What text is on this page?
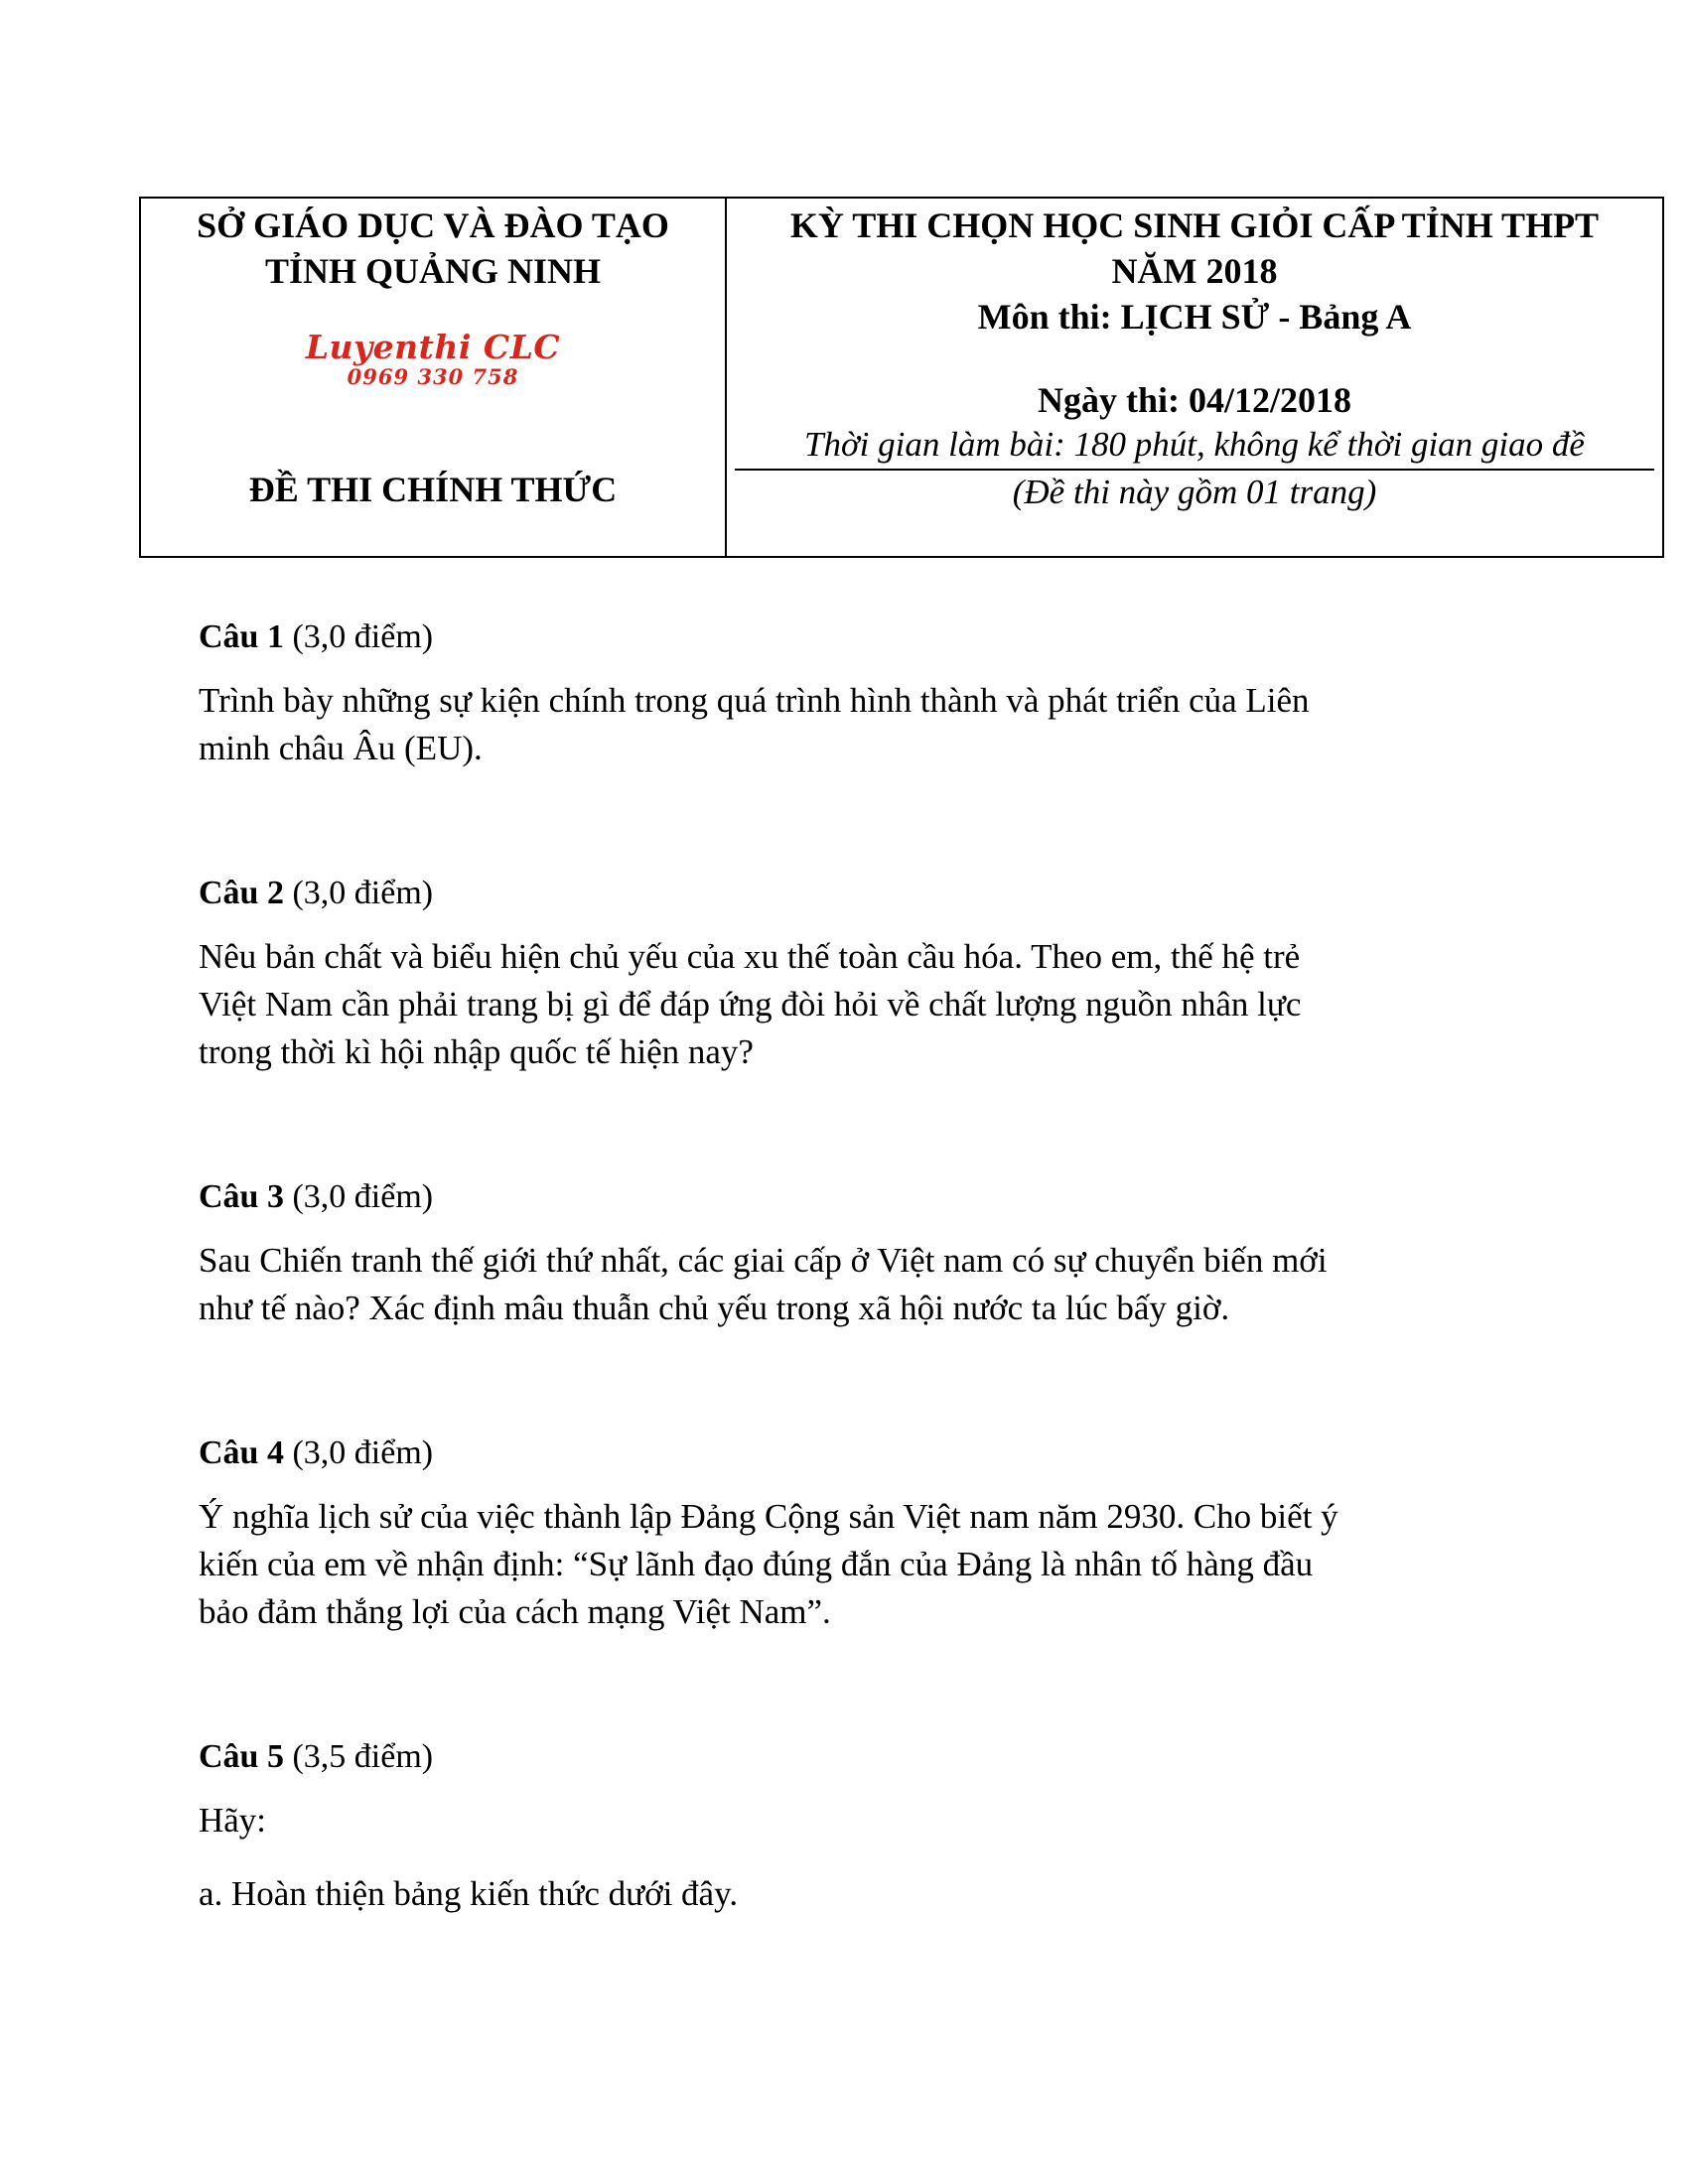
SỞ GIÁO DỤC VÀ ĐÀO TẠO
TỈNH QUẢNG NINH
Luyenthi CLC
0969 330 758
ĐỀ THI CHÍNH THỨC
KỲ THI CHỌN HỌC SINH GIỎI CẤP TỈNH THPT
NĂM 2018
Môn thi: LỊCH SỬ - Bảng A
Ngày thi: 04/12/2018
Thời gian làm bài: 180 phút, không kể thời gian giao đề
(Đề thi này gồm 01 trang)

Câu 1 (3,0 điểm)

Trình bày những sự kiện chính trong quá trình hình thành và phát triển của Liên
minh châu Âu (EU).

Câu 2 (3,0 điểm)

Nêu bản chất và biểu hiện chủ yếu của xu thế toàn cầu hóa. Theo em, thế hệ trẻ
Việt Nam cần phải trang bị gì để đáp ứng đòi hỏi về chất lượng nguồn nhân lực
trong thời kì hội nhập quốc tế hiện nay?

Câu 3 (3,0 điểm)

Sau Chiến tranh thế giới thứ nhất, các giai cấp ở Việt nam có sự chuyển biến mới
như tế nào? Xác định mâu thuẫn chủ yếu trong xã hội nước ta lúc bấy giờ.

Câu 4 (3,0 điểm)

Ý nghĩa lịch sử của việc thành lập Đảng Cộng sản Việt nam năm 2930. Cho biết ý
kiến của em về nhận định: “Sự lãnh đạo đúng đắn của Đảng là nhân tố hàng đầu
bảo đảm thắng lợi của cách mạng Việt Nam”.

Câu 5 (3,5 điểm)

Hãy:

a. Hoàn thiện bảng kiến thức dưới đây.
